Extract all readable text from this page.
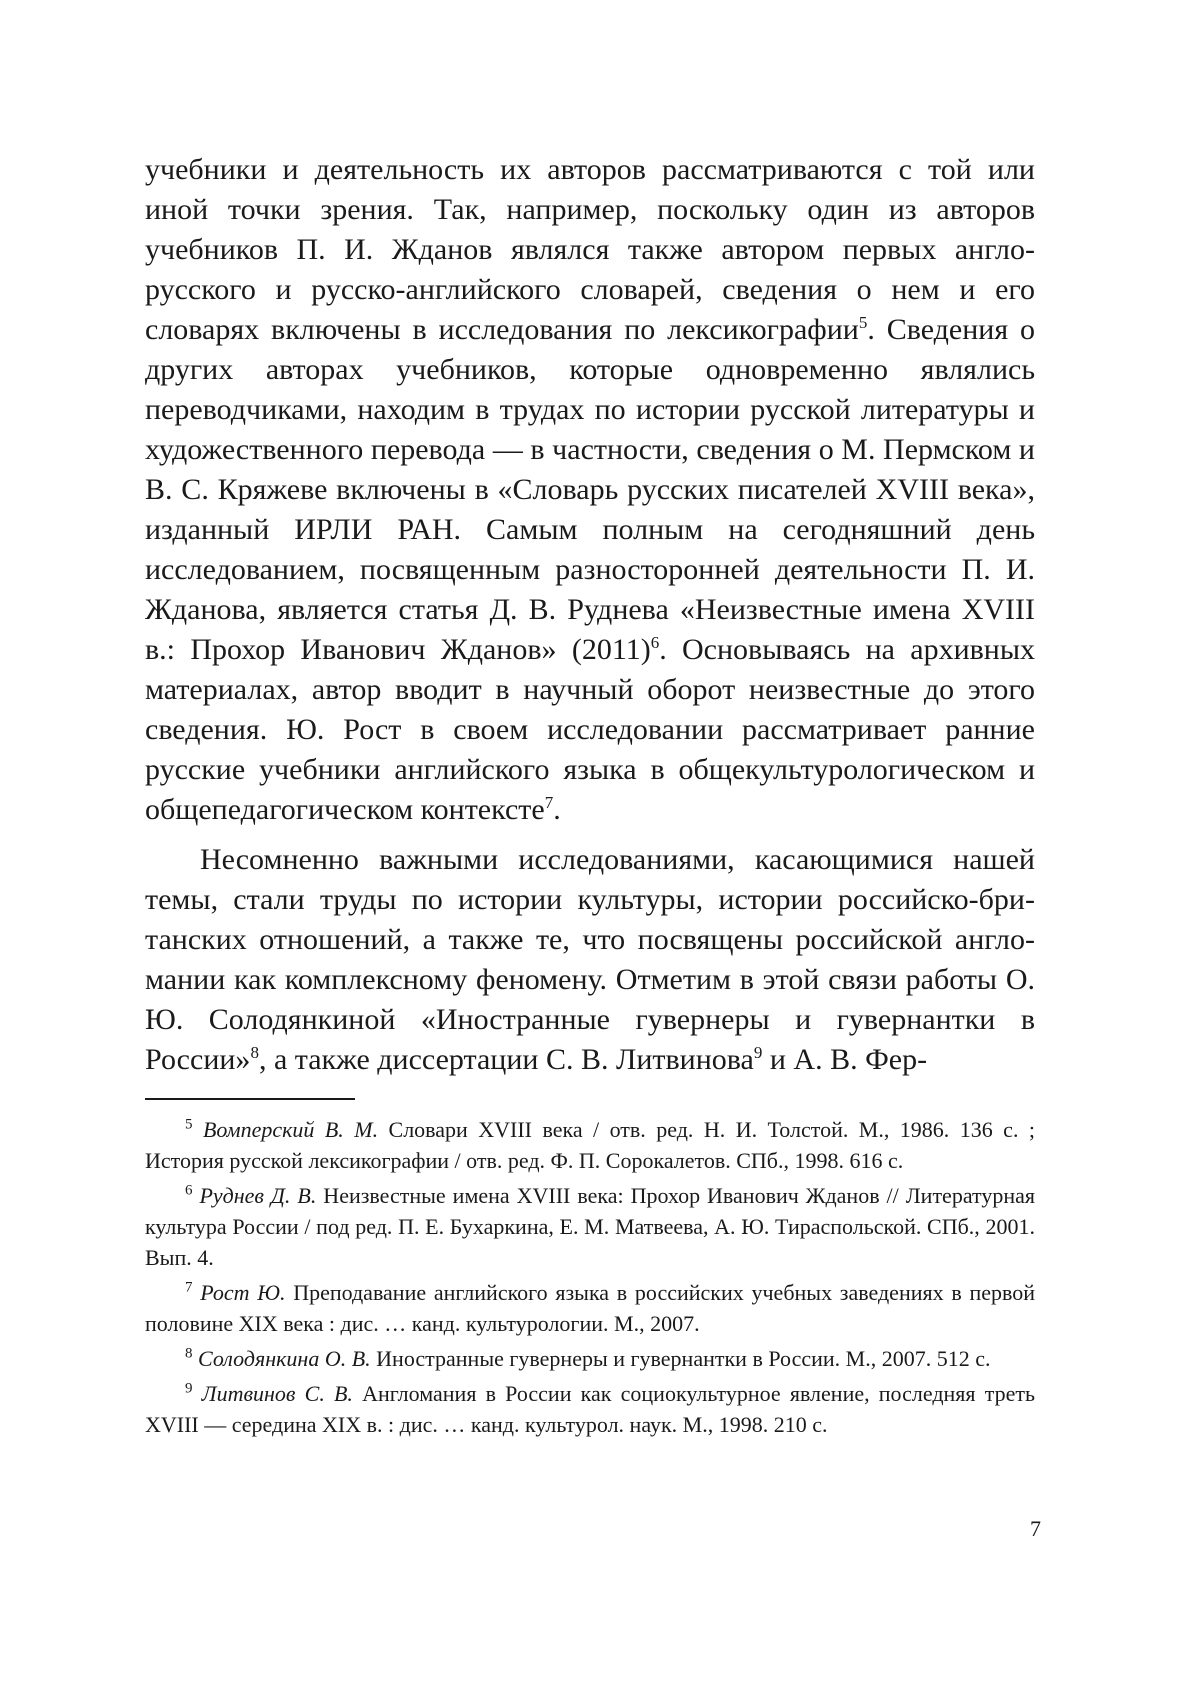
учебники и деятельность их авторов рассматриваются с той или иной точки зрения. Так, например, поскольку один из авторов учебников П. И. Жданов являлся также автором первых англорусского и русско-английского словарей, сведения о нем и его словарях включены в исследования по лексикографии$^5$. Сведения о других авторах учебников, которые одновременно являлись переводчиками, находим в трудах по истории русской литературы и художественного перевода — в частности, сведения о М. Пермском и В. С. Кряжеве включены в «Словарь русских писателей XVIII века», изданный ИРЛИ РАН. Самым полным на сегодняшний день исследованием, посвященным разносторонней деятельности П. И. Жданова, является статья Д. В. Руднева «Неизвестные имена XVIII в.: Прохор Иванович Жданов» $(2011)^6$. Основываясь на архивных материалах, автор вводит в научный оборот неизвестные до этого сведения. Ю. Рост в своем исследовании рассматривает ранние русские учебники английского языка в общекультурологическом и общепедагогическом контексте$^7$.

Несомненно важными исследованиями, касающимися нашей темы, стали труды по истории культуры, истории российско-британских отношений, а также те, что посвящены российской англомании как комплексному феномену. Отметим в этой связи работы О. Ю. Солодянкиной «Иностранные гувернеры и гувернантки в России»$^8$, а также диссертации С. В. Литвинова$^9$ и А. В. Фер-

$^5$ Вомперский В. М. Словари XVIII века / отв. ред. Н. И. Толстой. М., 1986. 136 с. ; История русской лексикографии / отв. ред. Ф. П. Сорокалетов. СПб., 1998. 616 с.

$^6$ Руднев Д. В. Неизвестные имена XVIII века: Прохор Иванович Жданов // Литературная культура России / под ред. П. Е. Бухаркина, Е. М. Матвеева, А. Ю. Тираспольской. СПб., 2001. Вып. 4.

$^7$ Рост Ю. Преподавание английского языка в российских учебных заведениях в первой половине XIX века : дис. … канд. культурологии. М., 2007.

$^8$ Солодянкина О. В. Иностранные гувернеры и гувернантки в России. М., 2007. 512 с.

$^9$ Литвинов С. В. Англомания в России как социокультурное явление, последняя треть XVIII — середина XIX в. : дис. … канд. культурол. наук. М., 1998. 210 с.

7
